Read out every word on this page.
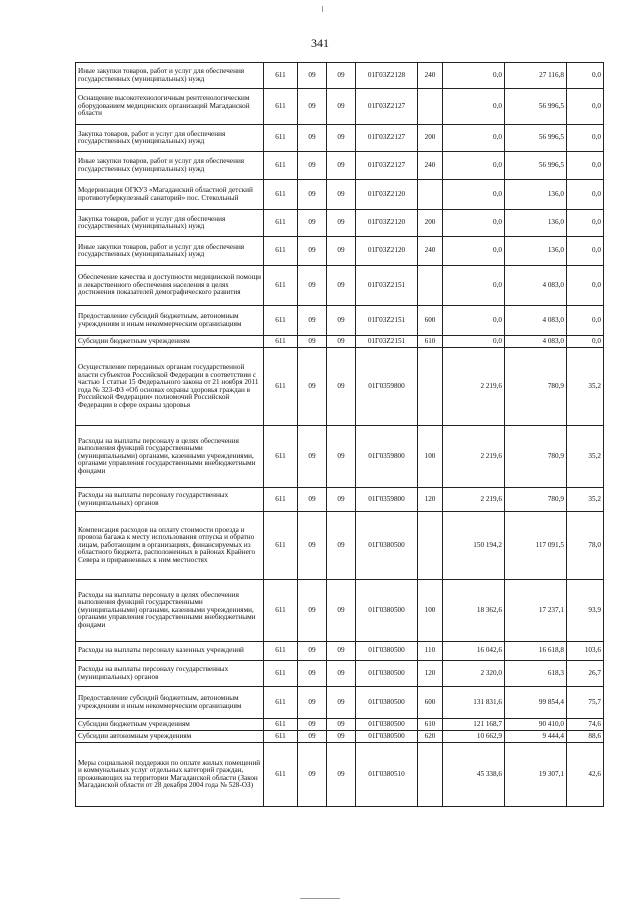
341
Иные закупки товаров, работ и услуг для обеспечения государственных (муниципальных) нужд	611	09	09	01Г03Z2128	240	0,0	27 116,8	0,0
Оснащение высокотехнологичным рентгенологическим оборудованием медицинских организаций Магаданской области	611	09	09	01Г03Z2127		0,0	56 996,5	0,0
Закупка товаров, работ и услуг для обеспечения государственных (муниципальных) нужд	611	09	09	01Г03Z2127	200	0,0	56 996,5	0,0
Иные закупки товаров, работ и услуг для обеспечения государственных (муниципальных) нужд	611	09	09	01Г03Z2127	240	0,0	56 996,5	0,0
Модернизация ОГКУЗ «Магаданский областной детский противотуберкулезный санаторий» пос. Стекольный	611	09	09	01Г03Z2120		0,0	136,0	0,0
Закупка товаров, работ и услуг для обеспечения государственных (муниципальных) нужд	611	09	09	01Г03Z2120	200	0,0	136,0	0,0
Иные закупки товаров, работ и услуг для обеспечения государственных (муниципальных) нужд	611	09	09	01Г03Z2120	240	0,0	136,0	0,0
Обеспечение качества и доступности медицинской помощи и лекарственного обеспечения населения в целях достижения показателей демографического развития	611	09	09	01Г03Z2151		0,0	4 083,0	0,0
Предоставление субсидий бюджетным, автономным учреждениям и иным некоммерческим организациям	611	09	09	01Г03Z2151	600	0,0	4 083,0	0,0
Субсидии бюджетным учреждениям	611	09	09	01Г03Z2151	610	0,0	4 083,0	0,0
Осуществление переданных органам государственной власти субъектов Российской Федерации в соответствии с частью 1 статьи 15 Федерального закона от 21 ноября 2011 года № 323-ФЗ «Об основах охраны здоровья граждан в Российской Федерации» полномочий Российской Федерации в сфере охраны здоровья	611	09	09	01Г0359800		2 219,6	780,9	35,2
Расходы на выплаты персоналу в целях обеспечения выполнения функций государственными (муниципальными) органами, казенными учреждениями, органами управления государственными внебюджетными фондами	611	09	09	01Г0359800	100	2 219,6	780,9	35,2
Расходы на выплаты персоналу государственных (муниципальных) органов	611	09	09	01Г0359800	120	2 219,6	780,9	35,2
Компенсация расходов на оплату стоимости проезда и провоза багажа к месту использования отпуска и обратно лицам, работающим в организациях, финансируемых из областного бюджета, расположенных в районах Крайнего Севера и приравненных к ним местностях	611	09	09	01Г0380500		150 194,2	117 091,5	78,0
Расходы на выплаты персоналу в целях обеспечения выполнения функций государственными (муниципальными) органами, казенными учреждениями, органами управления государственными внебюджетными фондами	611	09	09	01Г0380500	100	18 362,6	17 237,1	93,9
Расходы на выплаты персоналу казенных учреждений	611	09	09	01Г0380500	110	16 042,6	16 618,8	103,6
Расходы на выплаты персоналу государственных (муниципальных) органов	611	09	09	01Г0380500	120	2 320,0	618,3	26,7
Предоставление субсидий бюджетным, автономным учреждениям и иным некоммерческим организациям	611	09	09	01Г0380500	600	131 831,6	99 854,4	75,7
Субсидии бюджетным учреждениям	611	09	09	01Г0380500	610	121 168,7	90 410,0	74,6
Субсидии автономным учреждениям	611	09	09	01Г0380500	620	10 662,9	9 444,4	88,6
Меры социальной поддержки по оплате жилых помещений и коммунальных услуг отдельных категорий граждан, проживающих на территории Магаданской области (Закон Магаданской области от 28 декабря 2004 года № 528-ОЗ)	611	09	09	01Г0380510		45 338,6	19 307,1	42,6
